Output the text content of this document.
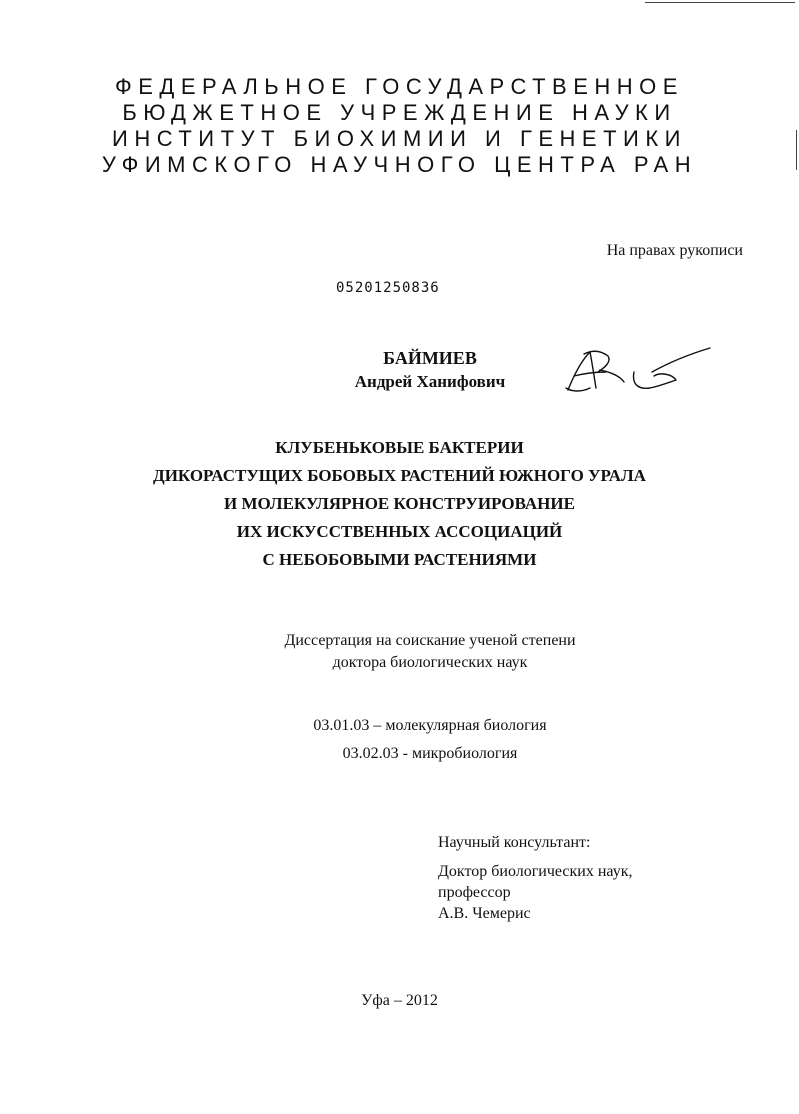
ФЕДЕРАЛЬНОЕ ГОСУДАРСТВЕННОЕ
БЮДЖЕТНОЕ УЧРЕЖДЕНИЕ НАУКИ
ИНСТИТУТ БИОХИМИИ И ГЕНЕТИКИ
УФИМСКОГО НАУЧНОГО ЦЕНТРА РАН
На правах рукописи
05201250836
БАЙМИЕВ
Андрей Ханифович
КЛУБЕНЬКОВЫЕ БАКТЕРИИ
ДИКОРАСТУЩИХ БОБОВЫХ РАСТЕНИЙ ЮЖНОГО УРАЛА
И МОЛЕКУЛЯРНОЕ КОНСТРУИРОВАНИЕ
ИХ ИСКУССТВЕННЫХ АССОЦИАЦИЙ
С НЕБОБОВЫМИ РАСТЕНИЯМИ
Диссертация на соискание ученой степени
доктора биологических наук
03.01.03 – молекулярная биология
03.02.03 - микробиология
Научный консультант:
Доктор биологических наук,
профессор
А.В. Чемерис
Уфа – 2012
